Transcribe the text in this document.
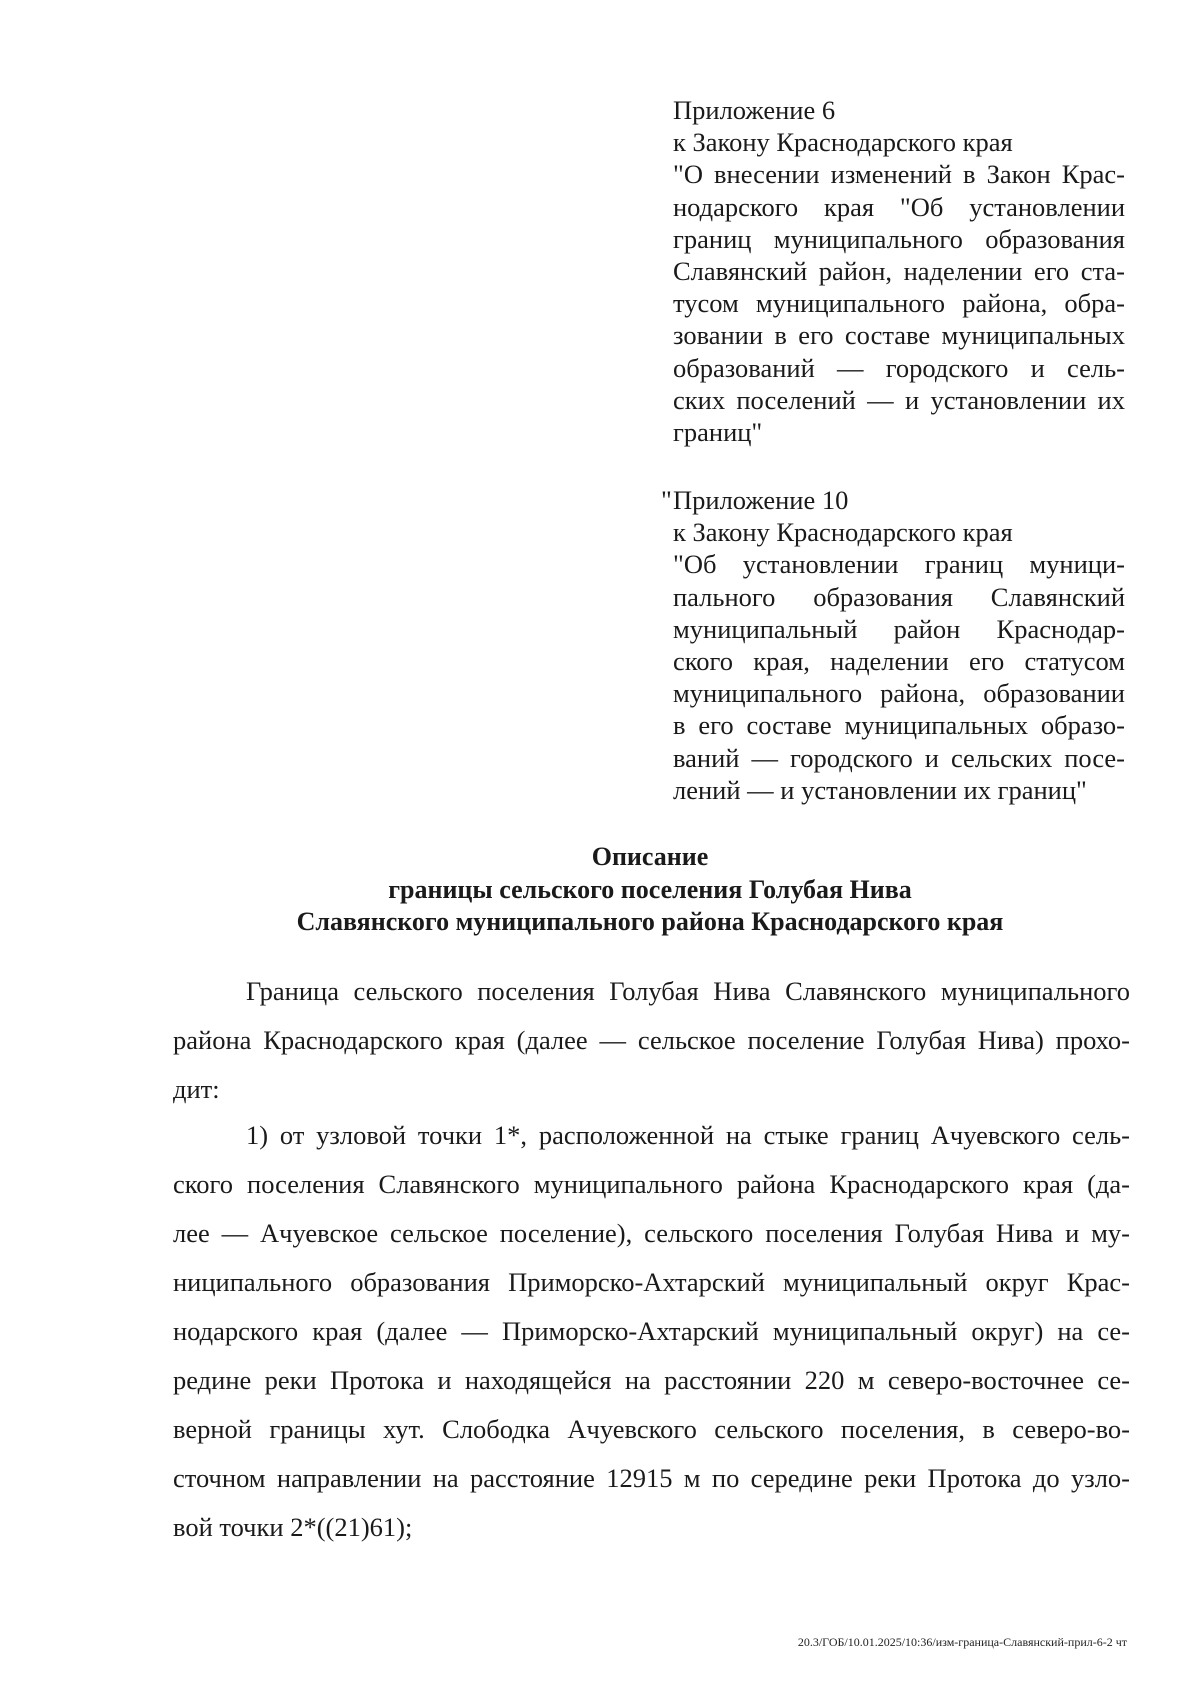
Приложение 6
к Закону Краснодарского края
"О внесении изменений в Закон Крас-
нодарского края "Об установлении
границ муниципального образования
Славянский район, наделении его ста-
тусом муниципального района, обра-
зовании в его составе муниципальных
образований — городского и сель-
ских поселений — и установлении их
границ"
" Приложение 10
к Закону Краснодарского края
"Об установлении границ муници-
пального образования Славянский
муниципальный район Краснодар-
ского края, наделении его статусом
муниципального района, образовании
в его составе муниципальных образо-
ваний — городского и сельских посе-
лений — и установлении их границ"
Описание
границы сельского поселения Голубая Нива
Славянского муниципального района Краснодарского края
Граница сельского поселения Голубая Нива Славянского муниципального
района Краснодарского края (далее — сельское поселение Голубая Нива) прохо-
дит:
1) от узловой точки 1*, расположенной на стыке границ Ачуевского сель-
ского поселения Славянского муниципального района Краснодарского края (да-
лее — Ачуевское сельское поселение), сельского поселения Голубая Нива и му-
ниципального образования Приморско-Ахтарский муниципальный округ Крас-
нодарского края (далее — Приморско-Ахтарский муниципальный округ) на се-
редине реки Протока и находящейся на расстоянии 220 м северо-восточнее се-
верной границы хут. Слободка Ачуевского сельского поселения, в северо-во-
сточном направлении на расстояние 12915 м по середине реки Протока до узло-
вой точки 2*((21)61);
20.3/ГОБ/10.01.2025/10:36/изм-граница-Славянский-прил-6-2 чт
